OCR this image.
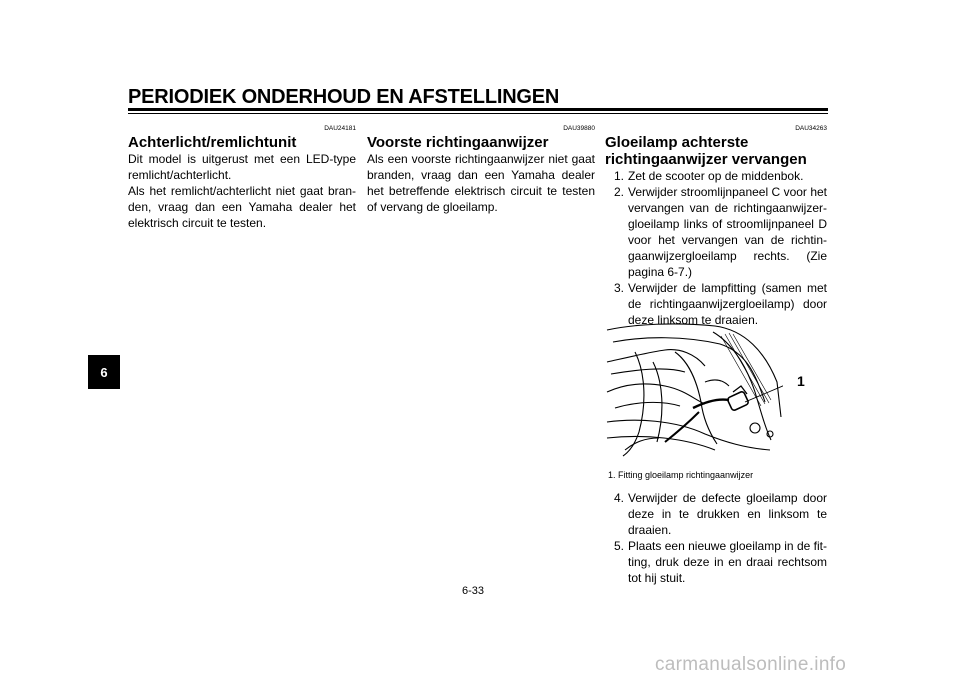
PERIODIEK ONDERHOUD EN AFSTELLINGEN
6
DAU24181
Achterlicht/remlichtunit

Dit model is uitgerust met een LED-type remlicht/achterlicht.

Als het remlicht/achterlicht niet gaat bran-den, vraag dan een Yamaha dealer het elektrisch circuit te testen.

DAU39880
Voorste richtingaanwijzer

Als een voorste richtingaanwijzer niet gaat branden, vraag dan een Yamaha dealer het betreffende elektrisch circuit te testen of vervang de gloeilamp.

DAU34263
Gloeilamp achterste
richtingaanwijzer vervangen
1. Zet de scooter op de middenbok.
2. Verwijder stroomlijnpaneel C voor het vervangen van de richtingaanwijzer-gloeilamp links of stroomlijnpaneel D voor het vervangen van de richtin-gaanwijzergloeilamp rechts. (Zie pagina 6-7.)
3. Verwijder de lampfitting (samen met de richtingaanwijzergloeilamp) door deze linksom te draaien.
1
1. Fitting gloeilamp richtingaanwijzer
4. Verwijder de defecte gloeilamp door deze in te drukken en linksom te draaien.
5. Plaats een nieuwe gloeilamp in de fit-ting, druk deze in en draai rechtsom tot hij stuit.
6-33
carmanualsonline.info
